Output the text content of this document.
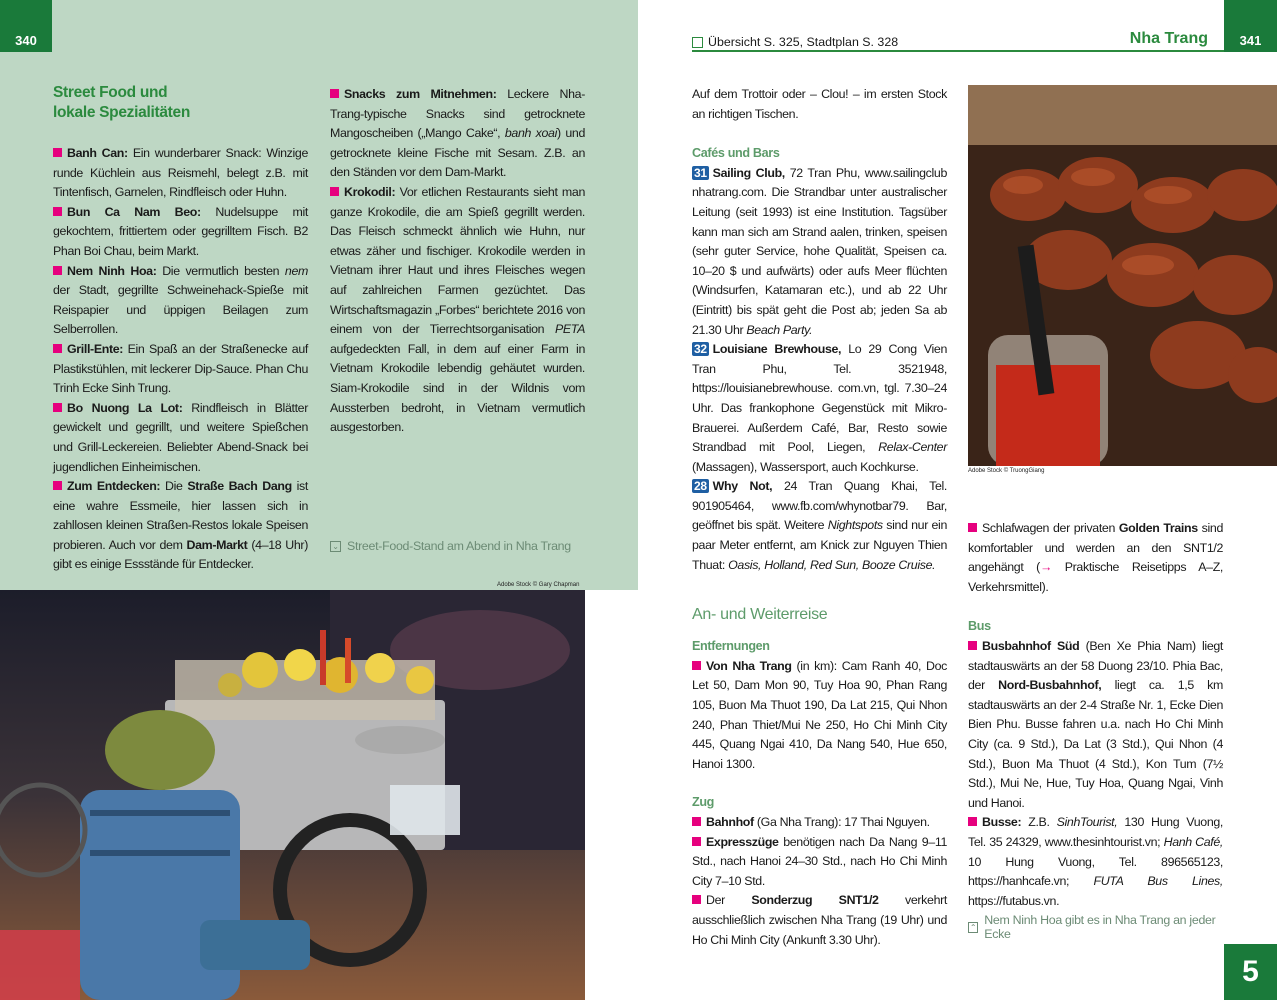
340
Street Food und
lokale Spezialitäten

Banh Can: Ein wunderbarer Snack: Winzige runde Küchlein aus Reismehl, belegt z.B. mit Tintenfisch, Garnelen, Rindfleisch oder Huhn.

Bun Ca Nam Beo: Nudelsuppe mit gekochtem, frittiertem oder gegrilltem Fisch. B2 Phan Boi Chau, beim Markt.

Nem Ninh Hoa: Die vermutlich besten nem der Stadt, gegrillte Schweinehack-Spieße mit Reispapier und üppigen Beilagen zum Selberrollen.

Grill-Ente: Ein Spaß an der Straßenecke auf Plastikstühlen, mit leckerer Dip-Sauce. Phan Chu Trinh Ecke Sinh Trung.

Bo Nuong La Lot: Rindfleisch in Blätter gewickelt und gegrillt, und weitere Spießchen und Grill-Leckereien. Beliebter Abend-Snack bei jugendlichen Einheimischen.

Zum Entdecken: Die Straße Bach Dang ist eine wahre Essmeile, hier lassen sich in zahllosen kleinen Straßen-Restos lokale Speisen probieren. Auch vor dem Dam-Markt (4–18 Uhr) gibt es einige Essstände für Entdecker.

Snacks zum Mitnehmen: Leckere Nha-Trang-typische Snacks sind getrocknete Mangoscheiben („Mango Cake“, banh xoai) und getrocknete kleine Fische mit Sesam. Z.B. an den Ständen vor dem Dam-Markt.

Krokodil: Vor etlichen Restaurants sieht man ganze Krokodile, die am Spieß gegrillt werden. Das Fleisch schmeckt ähnlich wie Huhn, nur etwas zäher und fischiger. Krokodile werden in Vietnam ihrer Haut und ihres Fleisches wegen auf zahlreichen Farmen gezüchtet. Das Wirtschaftsmagazin „Forbes“ berichtete 2016 von einem von der Tierrechtsorganisation PETA aufgedeckten Fall, in dem auf einer Farm in Vietnam Krokodile lebendig gehäutet wurden. Siam-Krokodile sind in der Wildnis vom Aussterben bedroht, in Vietnam vermutlich ausgestorben.

⌄ Street-Food-Stand am Abend in Nha Trang
Adobe Stock © Gary Chapman
Übersicht S. 325, Stadtplan S. 328	Nha Trang	341

Auf dem Trottoir oder – Clou! – im ersten Stock an richtigen Tischen.

Cafés und Bars

31 Sailing Club, 72 Tran Phu, www.sailingclub nhatrang.com. Die Strandbar unter australischer Leitung (seit 1993) ist eine Institution. Tagsüber kann man sich am Strand aalen, trinken, speisen (sehr guter Service, hohe Qualität, Speisen ca. 10–20 $ und aufwärts) oder aufs Meer flüchten (Windsurfen, Katamaran etc.), und ab 22 Uhr (Eintritt) bis spät geht die Post ab; jeden Sa ab 21.30 Uhr Beach Party.

32 Louisiane Brewhouse, Lo 29 Cong Vien Tran Phu, Tel. 3521948, https://louisianebrewhouse. com.vn, tgl. 7.30–24 Uhr. Das frankophone Gegenstück mit Mikro-Brauerei. Außerdem Café, Bar, Resto sowie Strandbad mit Pool, Liegen, Relax-Center (Massagen), Wassersport, auch Kochkurse.

28 Why Not, 24 Tran Quang Khai, Tel. 901905464, www.fb.com/whynotbar79. Bar, geöffnet bis spät. Weitere Nightspots sind nur ein paar Meter entfernt, am Knick zur Nguyen Thien Thuat: Oasis, Holland, Red Sun, Booze Cruise.

An- und Weiterreise
Entfernungen

Von Nha Trang (in km): Cam Ranh 40, Doc Let 50, Dam Mon 90, Tuy Hoa 90, Phan Rang 105, Buon Ma Thuot 190, Da Lat 215, Qui Nhon 240, Phan Thiet/Mui Ne 250, Ho Chi Minh City 445, Quang Ngai 410, Da Nang 540, Hue 650, Hanoi 1300.

Zug

Bahnhof (Ga Nha Trang): 17 Thai Nguyen.

Expresszüge benötigen nach Da Nang 9–11 Std., nach Hanoi 24–30 Std., nach Ho Chi Minh City 7–10 Std.

Der Sonderzug SNT1/2 verkehrt ausschließlich zwischen Nha Trang (19 Uhr) und Ho Chi Minh City (Ankunft 3.30 Uhr).

Adobe Stock © TruongGiang

Schlafwagen der privaten Golden Trains sind komfortabler und werden an den SNT1/2 angehängt (→ Praktische Reisetipps A–Z, Verkehrsmittel).

Bus

Busbahnhof Süd (Ben Xe Phia Nam) liegt stadtauswärts an der 58 Duong 23/10. Phia Bac, der Nord-Busbahnhof, liegt ca. 1,5 km stadtauswärts an der 2-4 Straße Nr. 1, Ecke Dien Bien Phu. Busse fahren u.a. nach Ho Chi Minh City (ca. 9 Std.), Da Lat (3 Std.), Qui Nhon (4 Std.), Buon Ma Thuot (4 Std.), Kon Tum (7½ Std.), Mui Ne, Hue, Tuy Hoa, Quang Ngai, Vinh und Hanoi.

Busse: Z.B. SinhTourist, 130 Hung Vuong, Tel. 35 24329, www.thesinhtourist.vn; Hanh Café, 10 Hung Vuong, Tel. 896565123, https://hanhcafe.vn; FUTA Bus Lines, https://futabus.vn.

⌃ Nem Ninh Hoa gibt es in Nha Trang an jeder Ecke
5
